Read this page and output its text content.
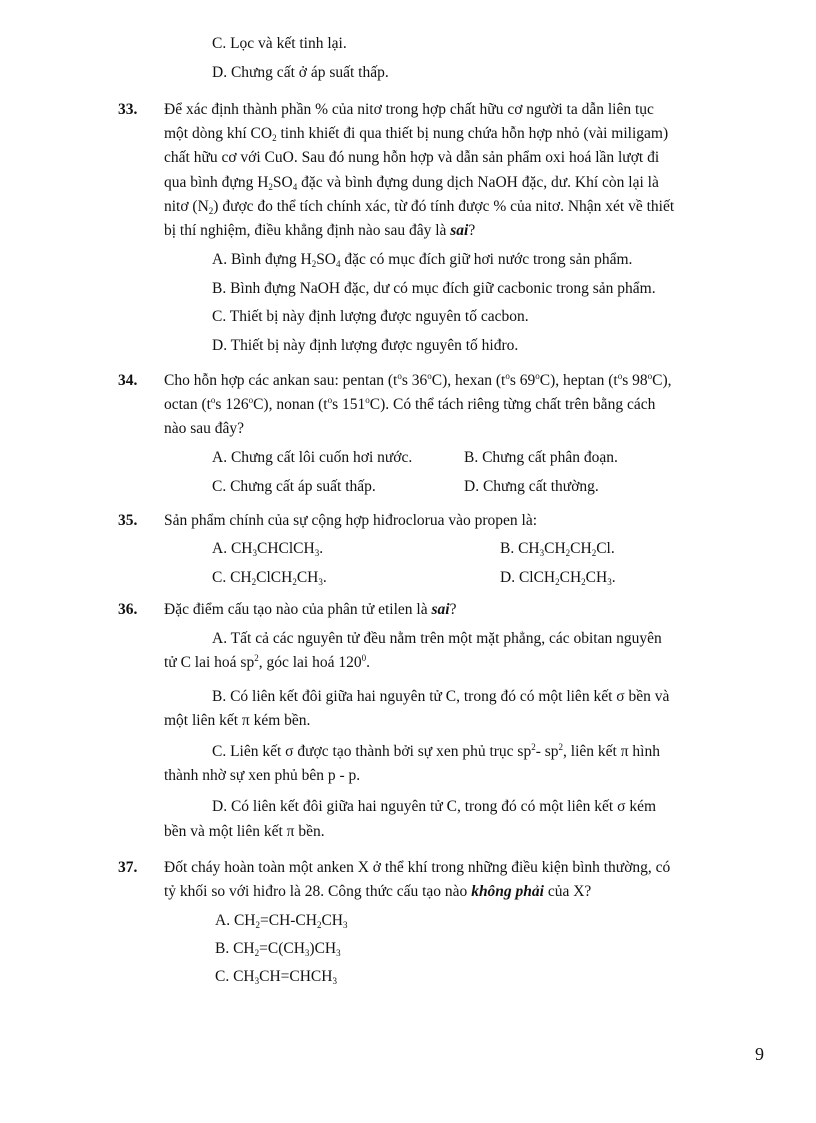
C. Lọc và kết tinh lại.
D. Chưng cất ở áp suất thấp.
33. Để xác định thành phần % của nitơ trong hợp chất hữu cơ người ta dẫn liên tục
một dòng khí $CO_2$ tinh khiết đi qua thiết bị nung chứa hỗn hợp nhỏ (vài miligam)
chất hữu cơ với CuO. Sau đó nung hỗn hợp và dẫn sản phẩm oxi hoá lần lượt đi
qua bình đựng $H_2SO_4$ đặc và bình đựng dung dịch NaOH đặc, dư. Khí còn lại là
nitơ $(N_2)$ được đo thể tích chính xác, từ đó tính được % của nitơ. Nhận xét về thiết
bị thí nghiệm, điều khẳng định nào sau đây là sai?
A. Bình đựng $H_2SO_4$ đặc có mục đích giữ hơi nước trong sản phẩm.
B. Bình đựng NaOH đặc, dư có mục đích giữ cacbonic trong sản phẩm.
C. Thiết bị này định lượng được nguyên tố cacbon.
D. Thiết bị này định lượng được nguyên tố hiđro.
34. Cho hỗn hợp các ankan sau: pentan ($t^os$ 36$^o$C), hexan ($t^os$ 69$^o$C), heptan ($t^os$ 98$^o$C),
octan ($t^os$ 126$^o$C), nonan ($t^os$ 151$^o$C). Có thể tách riêng từng chất trên bằng cách
nào sau đây?
A. Chưng cất lôi cuốn hơi nước.	B. Chưng cất phân đoạn.
C. Chưng cất áp suất thấp.	D. Chưng cất thường.
35. Sản phẩm chính của sự cộng hợp hiđroclorua vào propen là:
A. $CH_3CHClCH_3$.	B. $CH_3CH_2CH_2Cl$.
C. $CH_2ClCH_2CH_3$.	D. $ClCH_2CH_2CH_3$.
36. Đặc điểm cấu tạo nào của phân tử etilen là sai?
A. Tất cả các nguyên tử đều nằm trên một mặt phẳng, các obitan nguyên
tử C lai hoá $sp^2$, góc lai hoá $120^0$.
B. Có liên kết đôi giữa hai nguyên tử C, trong đó có một liên kết σ bền và
một liên kết π kém bền.
C. Liên kết σ được tạo thành bởi sự xen phủ trục $sp^2-$ $sp^2$, liên kết π hình
thành nhờ sự xen phủ bên p - p.
D. Có liên kết đôi giữa hai nguyên tử C, trong đó có một liên kết σ kém
bền và một liên kết π bền.
37. Đốt cháy hoàn toàn một anken X ở thể khí trong những điều kiện bình thường, có
tỷ khối so với hiđro là 28. Công thức cấu tạo nào không phải của X?
A. $CH_2=CH-CH_2CH_3$
B. $CH_2=C(CH_3)CH_3$
C. $CH_3CH=CHCH_3$
9
